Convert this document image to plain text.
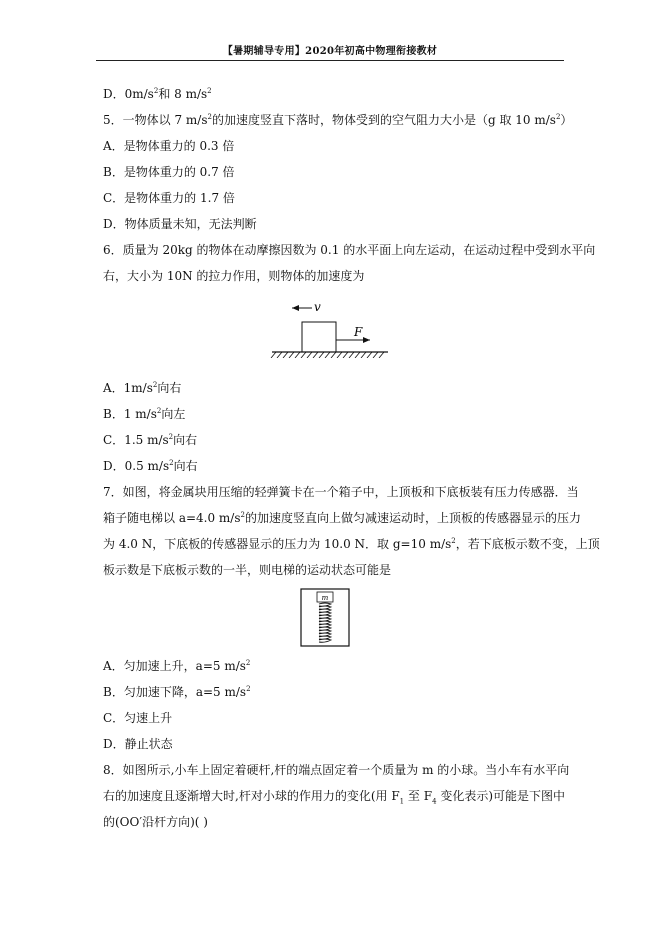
【暑期辅导专用】2020年初高中物理衔接教材
D．$0m/s^2$和 8 $m/s^2$
5．一物体以 7 $m/s^2$的加速度竖直下落时，物体受到的空气阻力大小是（g 取 10 $m/s^2$）
A．是物体重力的 0.3 倍
B．是物体重力的 0.7 倍
C．是物体重力的 1.7 倍
D．物体质量未知，无法判断
6．质量为 20kg 的物体在动摩擦因数为 0.1 的水平面上向左运动，在运动过程中受到水平向
右，大小为 10N 的拉力作用，则物体的加速度为
v
F
A．$1m/s^2$向右
B．1 $m/s^2$向左
C．1.5 $m/s^2$向右
D．0.5 $m/s^2$向右
7．如图，将金属块用压缩的轻弹簧卡在一个箱子中，上顶板和下底板装有压力传感器．当
箱子随电梯以 a=4.0 $m/s^2$的加速度竖直向上做匀减速运动时，上顶板的传感器显示的压力
为 4.0 N，下底板的传感器显示的压力为 10.0 N．取 g=10 $m/s^2$，若下底板示数不变，上顶
板示数是下底板示数的一半，则电梯的运动状态可能是
m
A．匀加速上升，a=5 $m/s^2$
B．匀加速下降，a=5 $m/s^2$
C．匀速上升
D．静止状态
8．如图所示,小车上固定着硬杆,杆的端点固定着一个质量为 m 的小球。当小车有水平向
右的加速度且逐渐增大时,杆对小球的作用力的变化(用 $F_1$ 至 $F_4$ 变化表示)可能是下图中
的(OO′沿杆方向)( )
